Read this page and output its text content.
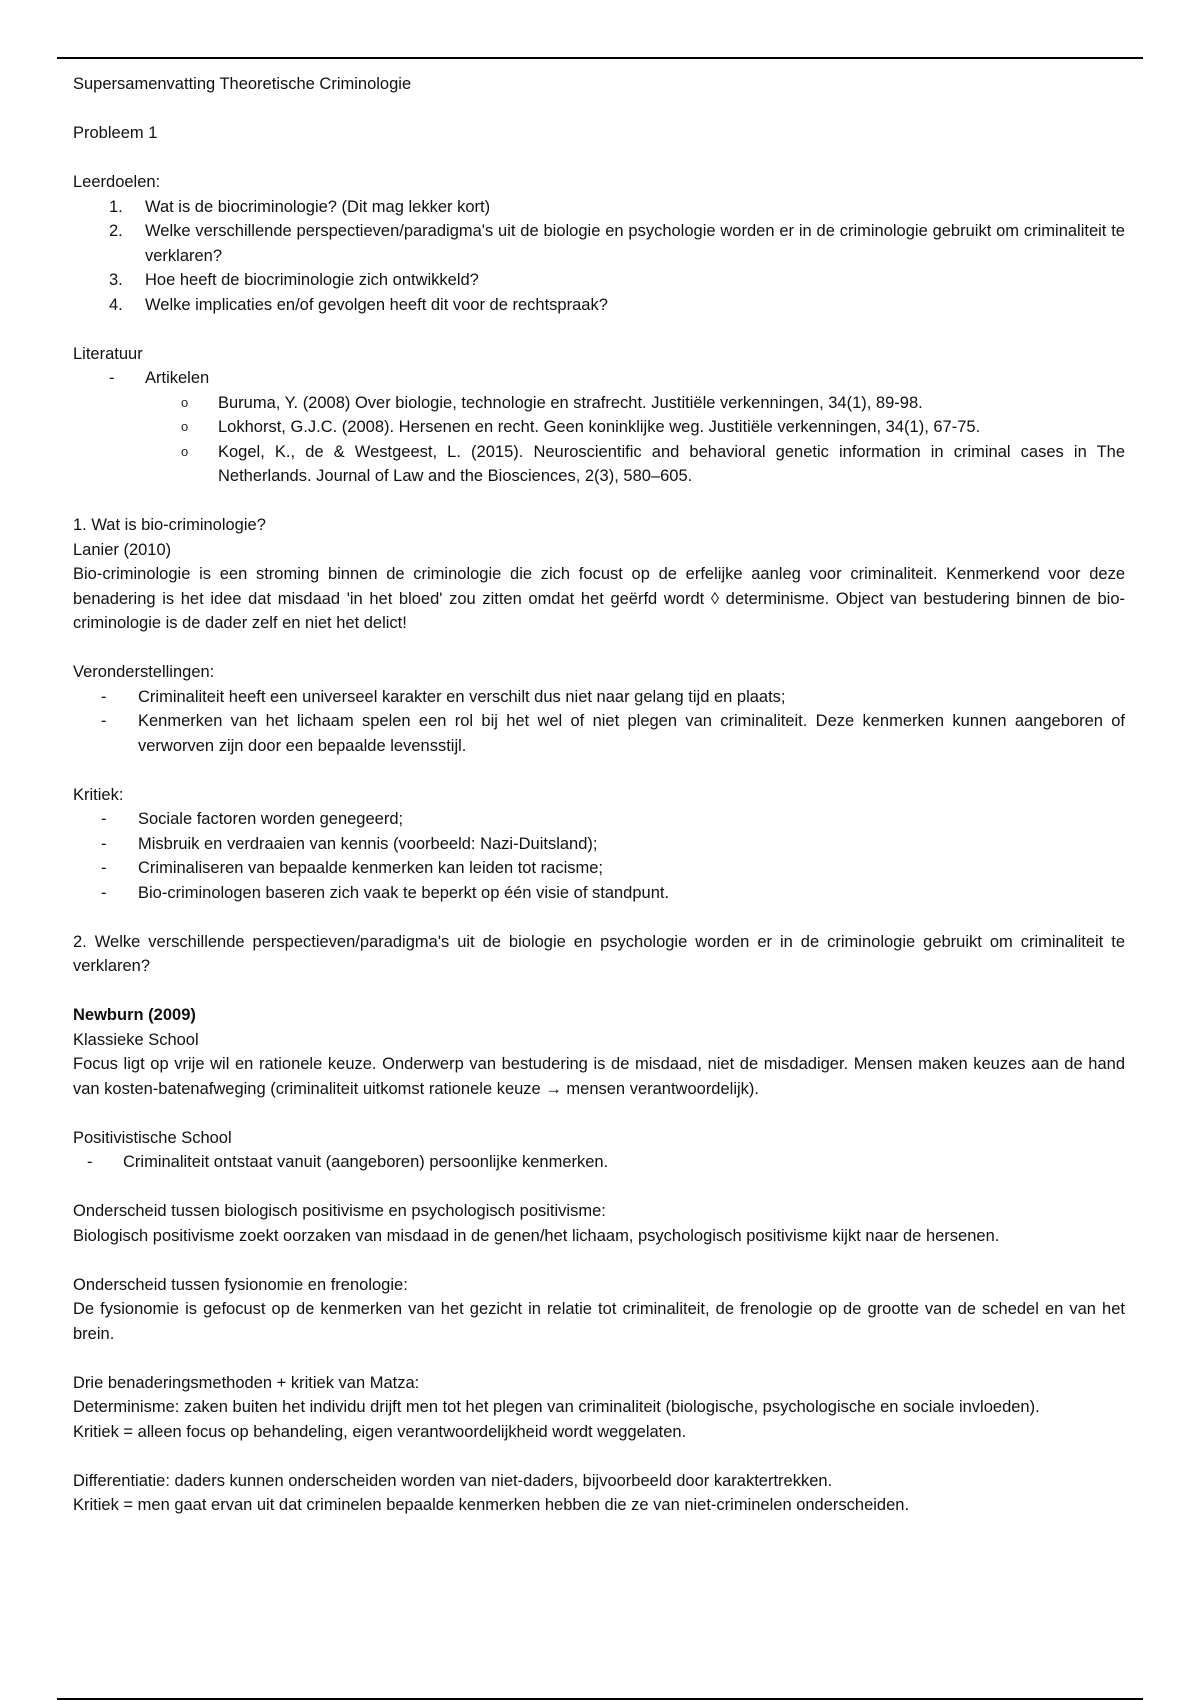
Supersamenvatting Theoretische Criminologie

Probleem 1

Leerdoelen:

1.	Wat is de biocriminologie? (Dit mag lekker kort)
2.	Welke verschillende perspectieven/paradigma's uit de biologie en psychologie worden er in de criminologie gebruikt om criminaliteit te verklaren?
3.	Hoe heeft de biocriminologie zich ontwikkeld?
4.	Welke implicaties en/of gevolgen heeft dit voor de rechtspraak?

Literatuur

- Artikelen
o Buruma, Y. (2008) Over biologie, technologie en strafrecht. Justitiële verkenningen, 34(1), 89-98.
o Lokhorst, G.J.C. (2008). Hersenen en recht. Geen koninklijke weg. Justitiële verkenningen, 34(1), 67-75.
o Kogel, K., de & Westgeest, L. (2015). Neuroscientific and behavioral genetic information in criminal cases in The Netherlands. Journal of Law and the Biosciences, 2(3), 580–605.

1. Wat is bio-criminologie?

Lanier (2010)

Bio-criminologie is een stroming binnen de criminologie die zich focust op de erfelijke aanleg voor criminaliteit. Kenmerkend voor deze benadering is het idee dat misdaad 'in het bloed' zou zitten omdat het geërfd wordt ◊ determinisme. Object van bestudering binnen de bio-criminologie is de dader zelf en niet het delict!

Veronderstellingen:

- Criminaliteit heeft een universeel karakter en verschilt dus niet naar gelang tijd en plaats;
- Kenmerken van het lichaam spelen een rol bij het wel of niet plegen van criminaliteit. Deze kenmerken kunnen aangeboren of verworven zijn door een bepaalde levensstijl.

Kritiek:

- Sociale factoren worden genegeerd;
- Misbruik en verdraaien van kennis (voorbeeld: Nazi-Duitsland);
- Criminaliseren van bepaalde kenmerken kan leiden tot racisme;
- Bio-criminologen baseren zich vaak te beperkt op één visie of standpunt.

2. Welke verschillende perspectieven/paradigma's uit de biologie en psychologie worden er in de criminologie gebruikt om criminaliteit te verklaren?

Newburn (2009)

Klassieke School

Focus ligt op vrije wil en rationele keuze. Onderwerp van bestudering is de misdaad, niet de misdadiger. Mensen maken keuzes aan de hand van kosten-batenafweging (criminaliteit uitkomst rationele keuze → mensen verantwoordelijk).

Positivistische School

- Criminaliteit ontstaat vanuit (aangeboren) persoonlijke kenmerken.

Onderscheid tussen biologisch positivisme en psychologisch positivisme:

Biologisch positivisme zoekt oorzaken van misdaad in de genen/het lichaam, psychologisch positivisme kijkt naar de hersenen.

Onderscheid tussen fysionomie en frenologie:

De fysionomie is gefocust op de kenmerken van het gezicht in relatie tot criminaliteit, de frenologie op de grootte van de schedel en van het brein.

Drie benaderingsmethoden + kritiek van Matza:

Determinisme: zaken buiten het individu drijft men tot het plegen van criminaliteit (biologische, psychologische en sociale invloeden).

Kritiek = alleen focus op behandeling, eigen verantwoordelijkheid wordt weggelaten.

Differentiatie: daders kunnen onderscheiden worden van niet-daders, bijvoorbeeld door karaktertrekken.

Kritiek = men gaat ervan uit dat criminelen bepaalde kenmerken hebben die ze van niet-criminelen onderscheiden.
